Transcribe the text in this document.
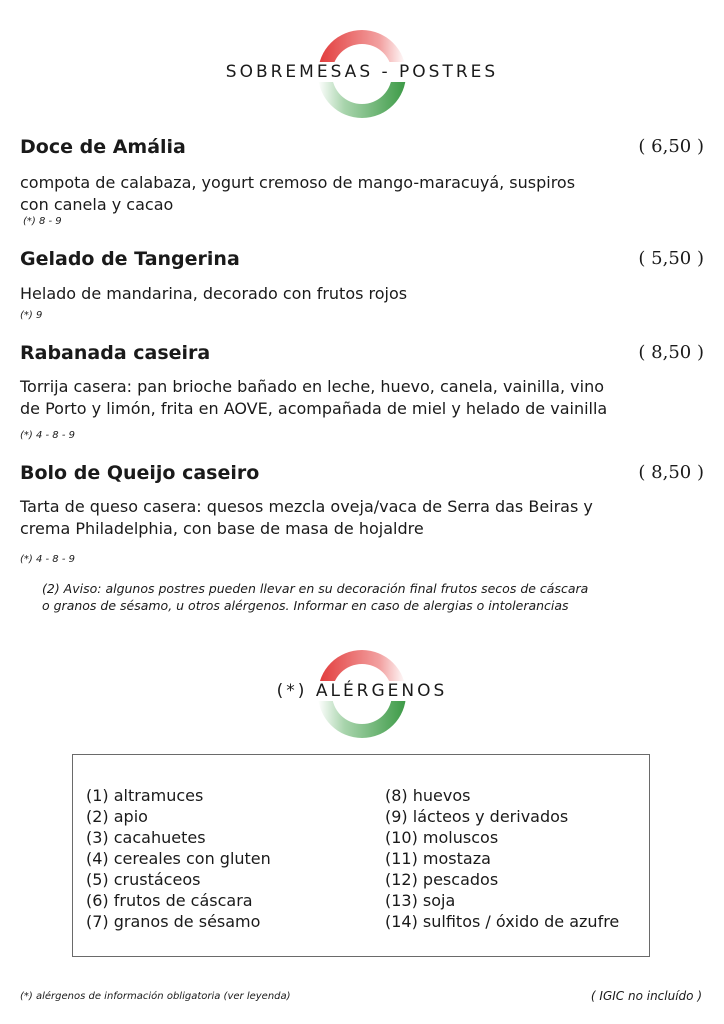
SOBREMESAS - POSTRES
Doce de Amália	( 6,50 )
compota de calabaza, yogurt cremoso de mango-maracuyá, suspiros
con canela y cacao
(*) 8 - 9
Gelado de Tangerina	( 5,50 )
Helado de mandarina, decorado con frutos rojos
(*) 9
Rabanada caseira	( 8,50 )
Torrija casera: pan brioche bañado en leche, huevo, canela, vainilla, vino
de Porto y limón, frita en AOVE, acompañada de miel y helado de vainilla
(*) 4 - 8 - 9
Bolo de Queijo caseiro	( 8,50 )
Tarta de queso casera: quesos mezcla oveja/vaca de Serra das Beiras y
crema Philadelphia, con base de masa de hojaldre
(*) 4 - 8 - 9
(2) Aviso: algunos postres pueden llevar en su decoración final frutos secos de cáscara
o granos de sésamo, u otros alérgenos. Informar en caso de alergias o intolerancias
(*) ALÉRGENOS
(1) altramuces
(2) apio
(3) cacahuetes
(4) cereales con gluten
(5) crustáceos
(6) frutos de cáscara
(7) granos de sésamo
(8) huevos
(9) lácteos y derivados
(10) moluscos
(11) mostaza
(12) pescados
(13) soja
(14) sulfitos / óxido de azufre
(*) alérgenos de información obligatoria (ver leyenda)	( IGIC no incluído )
